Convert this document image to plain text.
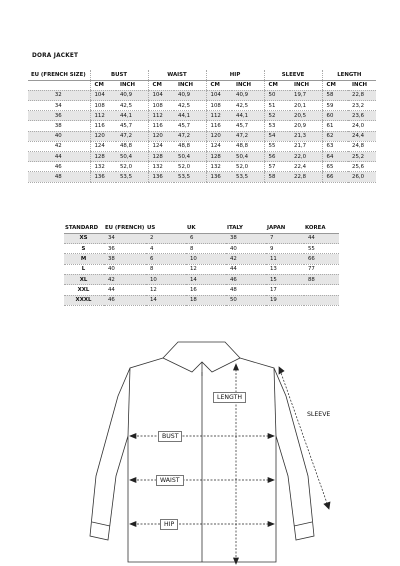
DORA JACKET
EU (FRENCH SIZE)	BUST		WAIST		HIP		SLEEVE		LENGTH	
	CM	INCH	CM	INCH	CM	INCH	CM	INCH	CM	INCH
32	104	40,9	104	40,9	104	40,9	50	19,7	58	22,8
34	108	42,5	108	42,5	108	42,5	51	20,1	59	23,2
36	112	44,1	112	44,1	112	44,1	52	20,5	60	23,6
38	116	45,7	116	45,7	116	45,7	53	20,9	61	24,0
40	120	47,2	120	47,2	120	47,2	54	21,3	62	24,4
42	124	48,8	124	48,8	124	48,8	55	21,7	63	24,8
44	128	50,4	128	50,4	128	50,4	56	22,0	64	25,2
46	132	52,0	132	52,0	132	52,0	57	22,4	65	25,6
48	136	53,5	136	53,5	136	53,5	58	22,8	66	26,0
STANDARD	EU (FRENCH)	US	UK	ITALY	JAPAN	KOREA
XS	34	2	6	38	7	44
S	36	4	8	40	9	55
M	38	6	10	42	11	66
L	40	8	12	44	13	77
XL	42	10	14	46	15	88
XXL	44	12	16	48	17	
XXXL	46	14	18	50	19	
LENGTH
SLEEVE
BUST
WAIST
HIP
